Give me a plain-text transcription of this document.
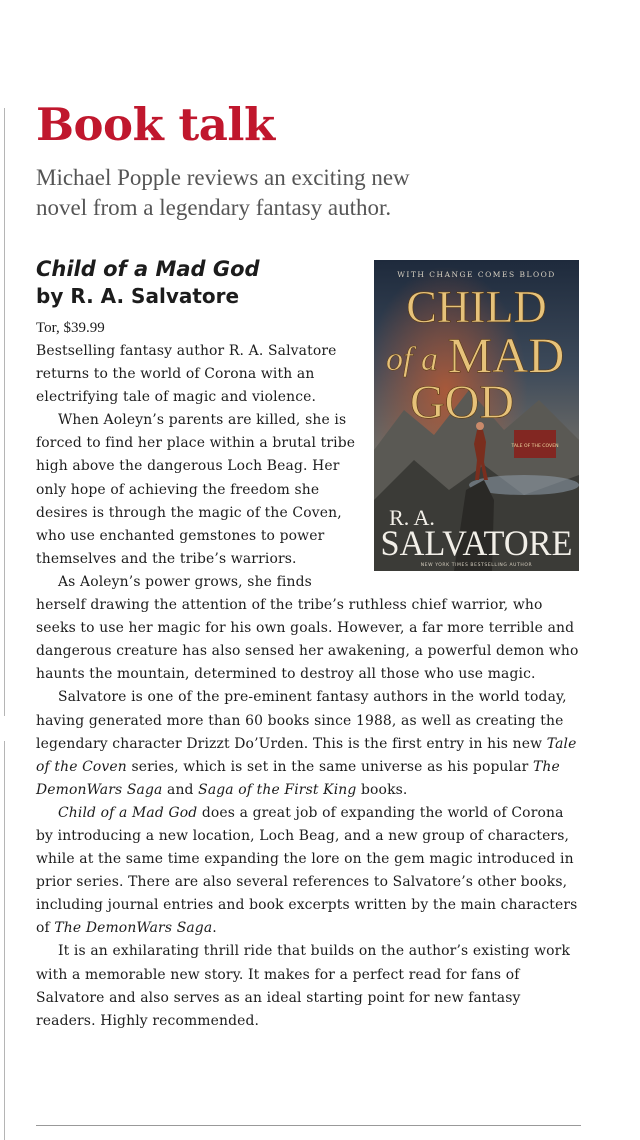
Book talk

Michael Popple reviews an exciting new novel from a legendary fantasy author.

Child of a Mad God

by R. A. Salvatore

Tor, $39.99

WITH CHANGE COMES BLOOD
CHILD
of a MAD
GOD
TALE OF THE COVEN
R. A.
SALVATORE
NEW YORK TIMES BESTSELLING AUTHOR

Bestselling fantasy author R. A. Salvatore returns to the world of Corona with an electrifying tale of magic and violence.

When Aoleyn’s parents are killed, she is forced to find her place within a brutal tribe high above the dangerous Loch Beag. Her only hope of achieving the freedom she desires is through the magic of the Coven, who use enchanted gemstones to power themselves and the tribe’s warriors.

As Aoleyn’s power grows, she finds

herself drawing the attention of the tribe’s ruthless chief warrior, who seeks to use her magic for his own goals. However, a far more terrible and dangerous creature has also sensed her awakening, a powerful demon who haunts the mountain, determined to destroy all those who use magic.

Salvatore is one of the pre-eminent fantasy authors in the world today, having generated more than 60 books since 1988, as well as creating the legendary character Drizzt Do’Urden. This is the first entry in his new Tale of the Coven series, which is set in the same universe as his popular The DemonWars Saga and Saga of the First King books.

Child of a Mad God does a great job of expanding the world of Corona by introducing a new location, Loch Beag, and a new group of characters, while at the same time expanding the lore on the gem magic introduced in prior series. There are also several references to Salvatore’s other books, including journal entries and book excerpts written by the main characters of The DemonWars Saga.

It is an exhilarating thrill ride that builds on the author’s existing work with a memorable new story. It makes for a perfect read for fans of Salvatore and also serves as an ideal starting point for new fantasy readers. Highly recommended.
